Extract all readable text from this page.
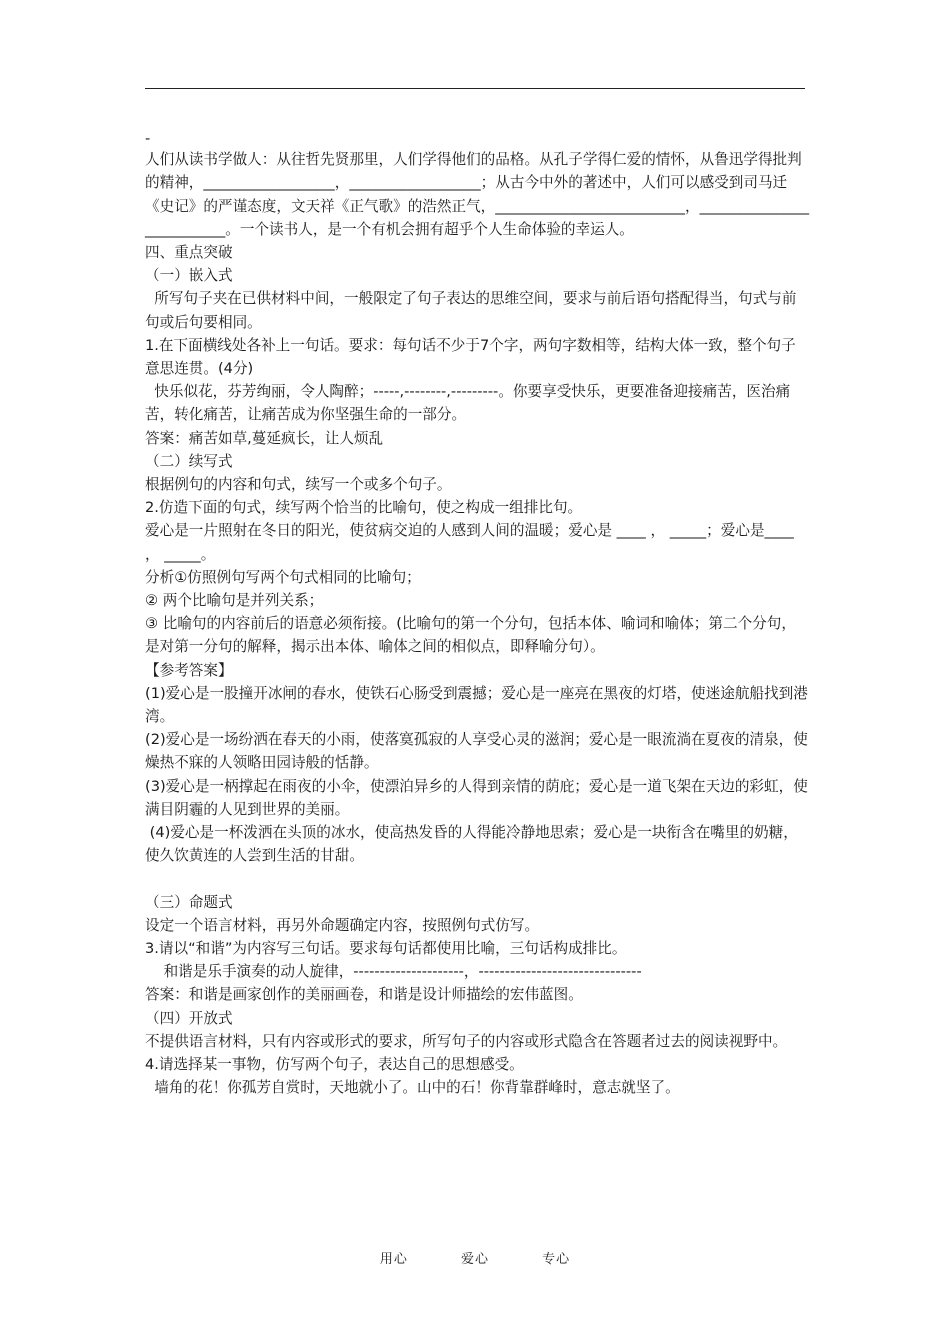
-

人们从读书学做人：从往哲先贤那里，人们学得他们的品格。从孔子学得仁爱的情怀，从鲁迅学得批判的精神，__________________，__________________；从古今中外的著述中，人们可以感受到司马迁《史记》的严谨态度，文天祥《正气歌》的浩然正气，__________________________，__________________________。一个读书人，是一个有机会拥有超乎个人生命体验的幸运人。

四、重点突破

（一）嵌入式

所写句子夹在已供材料中间，一般限定了句子表达的思维空间，要求与前后语句搭配得当，句式与前句或后句要相同。

1.在下面横线处各补上一句话。要求：每句话不少于7个字，两句字数相等，结构大体一致，整个句子意思连贯。(4分)

快乐似花，芬芳绚丽，令人陶醉；-----,--------,---------。你要享受快乐，更要准备迎接痛苦，医治痛苦，转化痛苦，让痛苦成为你坚强生命的一部分。

答案：痛苦如草,蔓延疯长，让人烦乱

（二）续写式

根据例句的内容和句式，续写一个或多个句子。

2.仿造下面的句式，续写两个恰当的比喻句，使之构成一组排比句。

爱心是一片照射在冬日的阳光，使贫病交迫的人感到人间的温暖；爱心是 ____ ， _____；爱心是____ ， _____。

分析①仿照例句写两个句式相同的比喻句；

② 两个比喻句是并列关系；

③ 比喻句的内容前后的语意必须衔接。(比喻句的第一个分句，包括本体、喻词和喻体；第二个分句，是对第一分句的解释，揭示出本体、喻体之间的相似点，即释喻分句）。

【参考答案】

(1)爱心是一股撞开冰闸的春水，使铁石心肠受到震撼；爱心是一座亮在黑夜的灯塔，使迷途航船找到港湾。

(2)爱心是一场纷洒在春天的小雨，使落寞孤寂的人享受心灵的滋润；爱心是一眼流淌在夏夜的清泉，使燥热不寐的人领略田园诗般的恬静。

(3)爱心是一柄撑起在雨夜的小伞，使漂泊异乡的人得到亲情的荫庇；爱心是一道飞架在天边的彩虹，使满目阴霾的人见到世界的美丽。

(4)爱心是一杯泼洒在头顶的冰水，使高热发昏的人得能冷静地思索；爱心是一块衔含在嘴里的奶糖，使久饮黄连的人尝到生活的甘甜。

（三）命题式

设定一个语言材料，再另外命题确定内容，按照例句式仿写。

3.请以“和谐”为内容写三句话。要求每句话都使用比喻，三句话构成排比。

和谐是乐手演奏的动人旋律，---------------------，-------------------------------

答案：和谐是画家创作的美丽画卷，和谐是设计师描绘的宏伟蓝图。

（四）开放式

不提供语言材料，只有内容或形式的要求，所写句子的内容或形式隐含在答题者过去的阅读视野中。

4.请选择某一事物，仿写两个句子，表达自己的思想感受。

墙角的花！你孤芳自赏时，天地就小了。山中的石！你背靠群峰时，意志就坚了。

用心	爱心	专心
